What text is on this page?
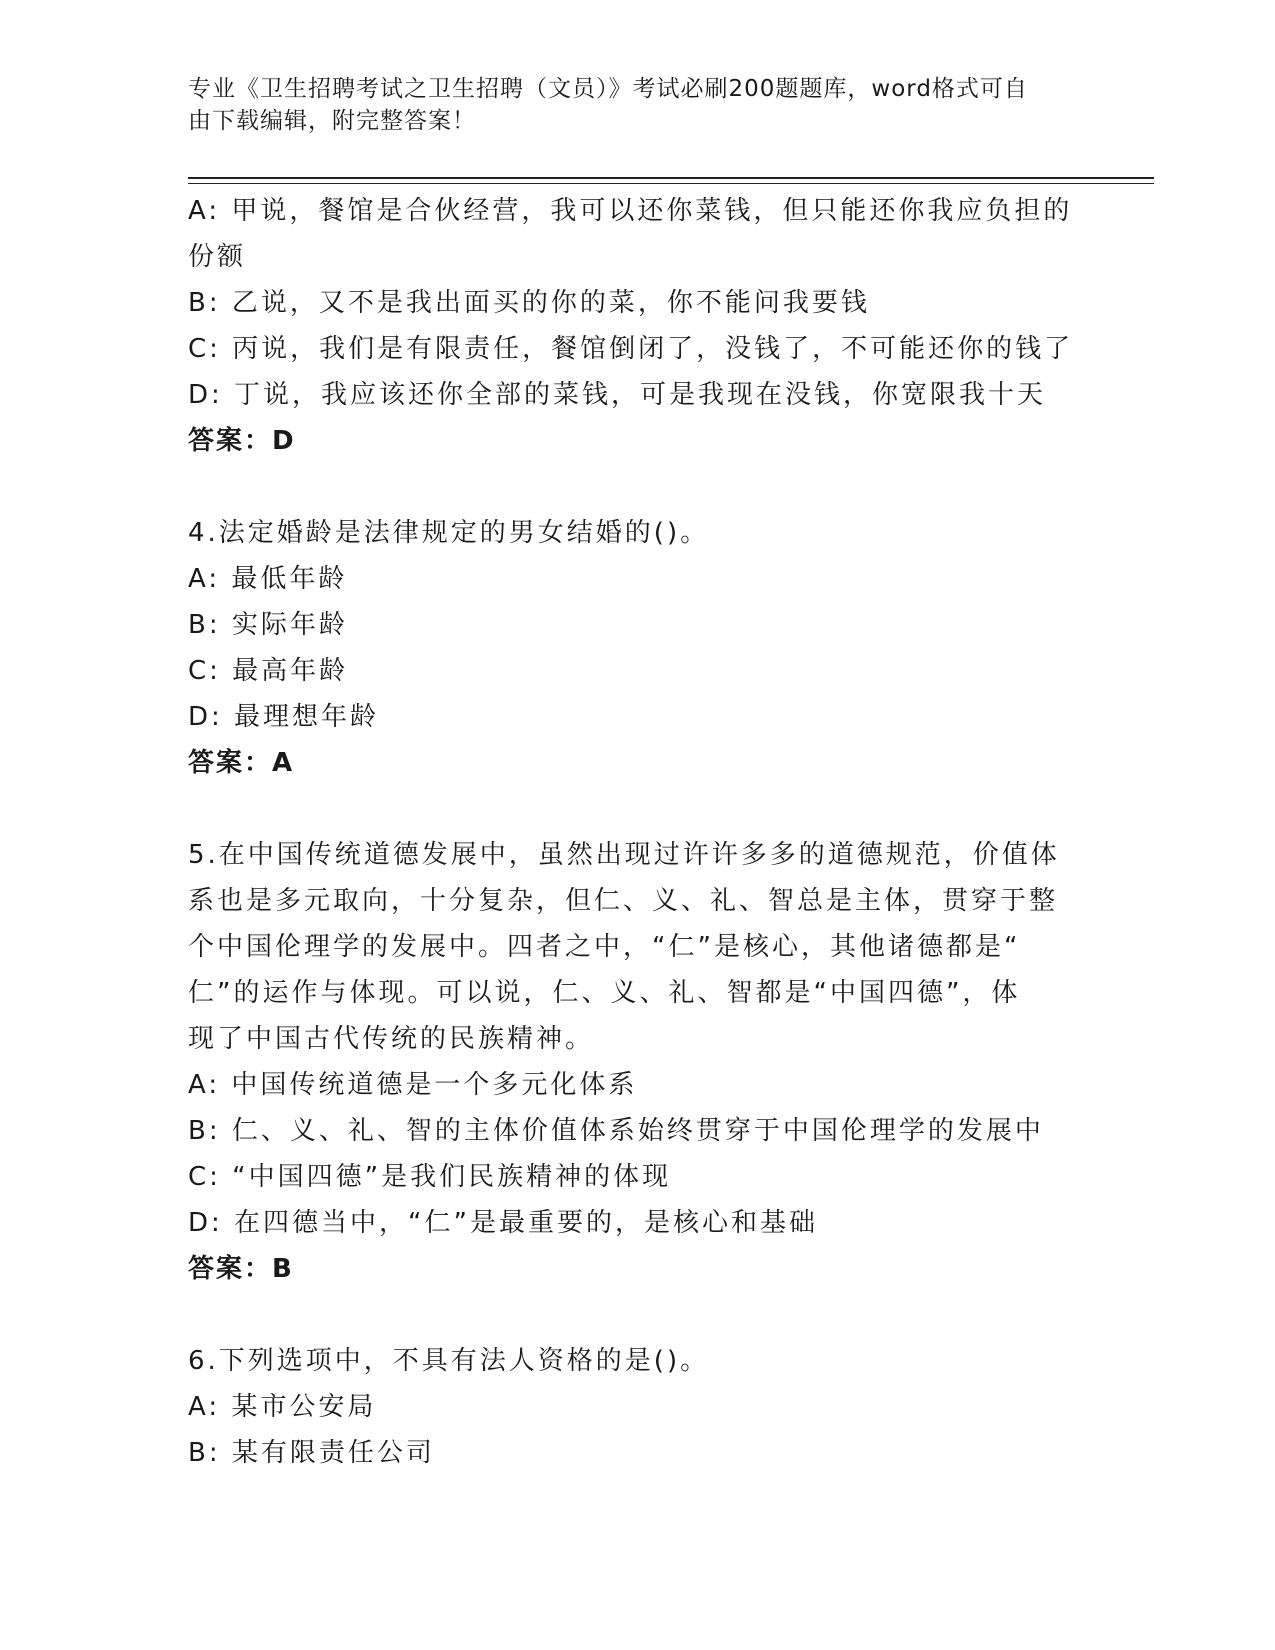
专业《卫生招聘考试之卫生招聘（文员）》考试必刷200题题库，word格式可自
由下载编辑，附完整答案！

A: 甲说，餐馆是合伙经营，我可以还你菜钱，但只能还你我应负担的

份额

B: 乙说，又不是我出面买的你的菜，你不能问我要钱

C: 丙说，我们是有限责任，餐馆倒闭了，没钱了，不可能还你的钱了

D: 丁说，我应该还你全部的菜钱，可是我现在没钱，你宽限我十天

答案：D

4.法定婚龄是法律规定的男女结婚的()。

A: 最低年龄

B: 实际年龄

C: 最高年龄

D: 最理想年龄

答案：A

5.在中国传统道德发展中，虽然出现过许许多多的道德规范，价值体

系也是多元取向，十分复杂，但仁、义、礼、智总是主体，贯穿于整

个中国伦理学的发展中。四者之中，“仁”是核心，其他诸德都是“

仁”的运作与体现。可以说，仁、义、礼、智都是“中国四德”，体

现了中国古代传统的民族精神。

A: 中国传统道德是一个多元化体系

B: 仁、义、礼、智的主体价值体系始终贯穿于中国伦理学的发展中

C: “中国四德”是我们民族精神的体现

D: 在四德当中，“仁”是最重要的，是核心和基础

答案：B

6.下列选项中，不具有法人资格的是()。

A: 某市公安局

B: 某有限责任公司
